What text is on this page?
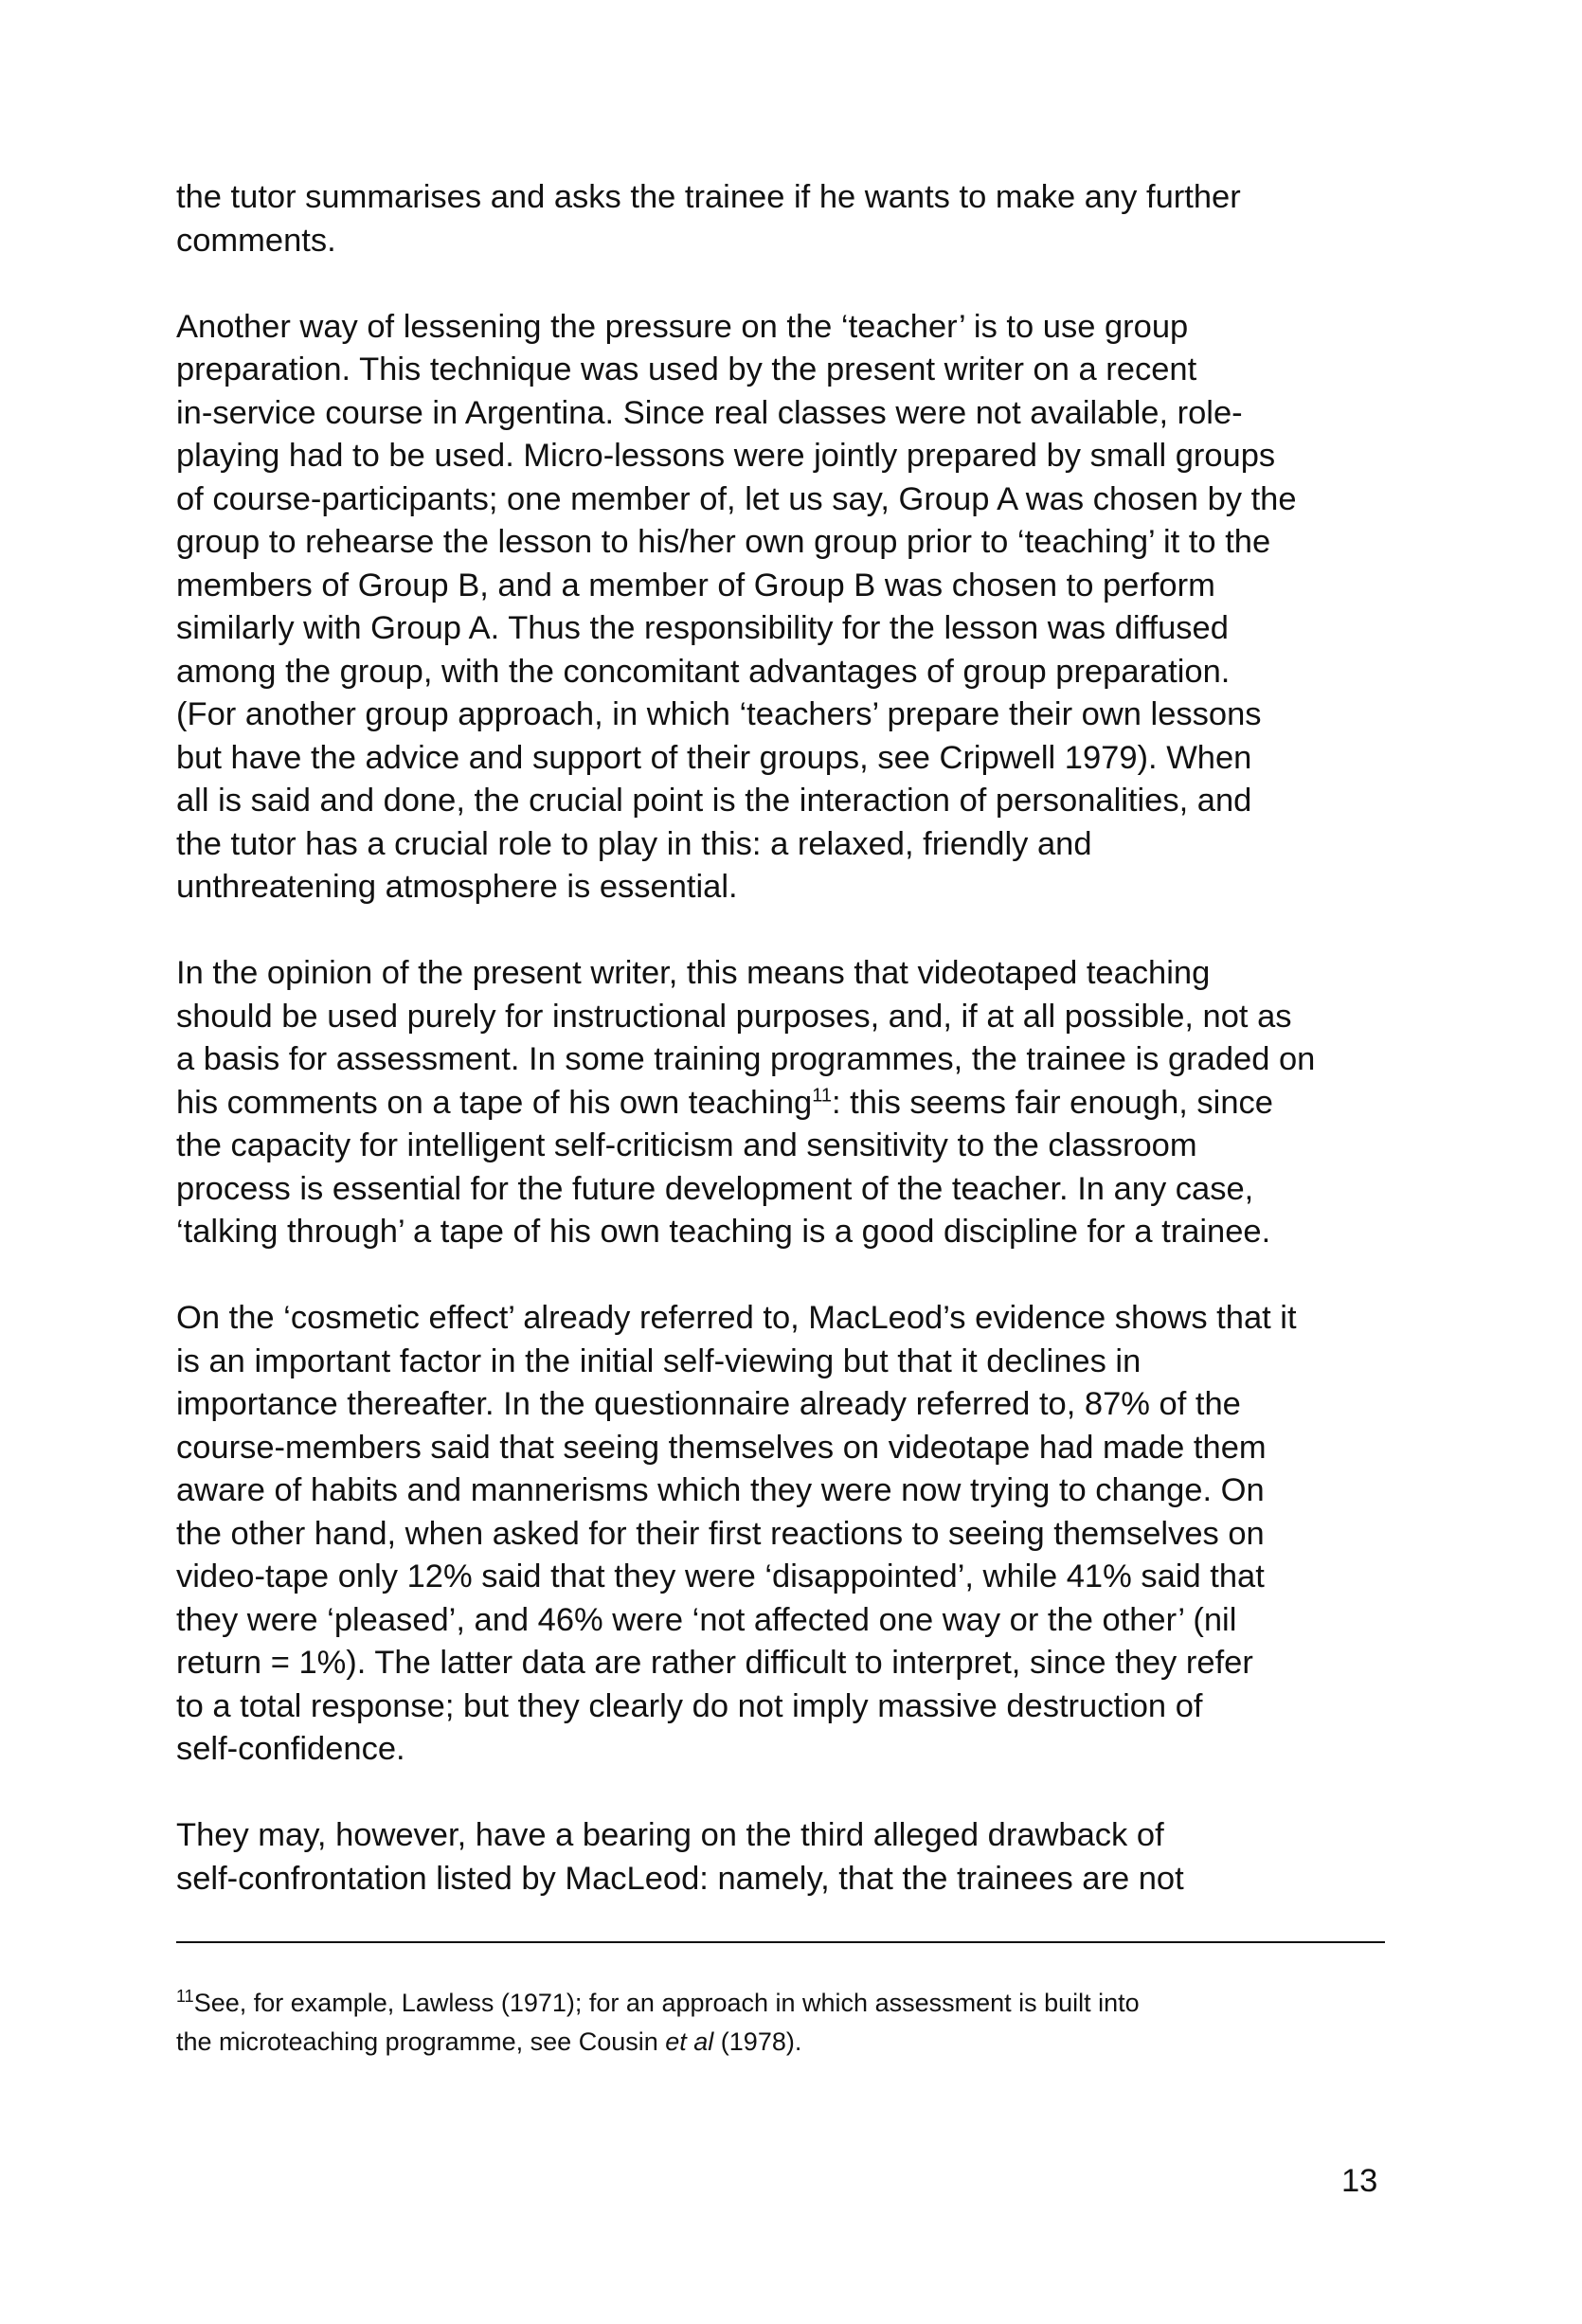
the tutor summarises and asks the trainee if he wants to make any further
comments.

Another way of lessening the pressure on the ‘teacher’ is to use group
preparation. This technique was used by the present writer on a recent
in-service course in Argentina. Since real classes were not available, role-
playing had to be used. Micro-lessons were jointly prepared by small groups
of course-participants; one member of, let us say, Group A was chosen by the
group to rehearse the lesson to his/her own group prior to ‘teaching’ it to the
members of Group B, and a member of Group B was chosen to perform
similarly with Group A. Thus the responsibility for the lesson was diffused
among the group, with the concomitant advantages of group preparation.
(For another group approach, in which ‘teachers’ prepare their own lessons
but have the advice and support of their groups, see Cripwell 1979). When
all is said and done, the crucial point is the interaction of personalities, and
the tutor has a crucial role to play in this: a relaxed, friendly and
unthreatening atmosphere is essential.

In the opinion of the present writer, this means that videotaped teaching
should be used purely for instructional purposes, and, if at all possible, not as
a basis for assessment. In some training programmes, the trainee is graded on
his comments on a tape of his own teaching$^{11}$: this seems fair enough, since
the capacity for intelligent self-criticism and sensitivity to the classroom
process is essential for the future development of the teacher. In any case,
‘talking through’ a tape of his own teaching is a good discipline for a trainee.

On the ‘cosmetic effect’ already referred to, MacLeod’s evidence shows that it
is an important factor in the initial self-viewing but that it declines in
importance thereafter. In the questionnaire already referred to, 87% of the
course-members said that seeing themselves on videotape had made them
aware of habits and mannerisms which they were now trying to change. On
the other hand, when asked for their first reactions to seeing themselves on
video-tape only 12% said that they were ‘disappointed’, while 41% said that
they were ‘pleased’, and 46% were ‘not affected one way or the other’ (nil
return = 1%). The latter data are rather difficult to interpret, since they refer
to a total response; but they clearly do not imply massive destruction of
self-confidence.

They may, however, have a bearing on the third alleged drawback of
self-confrontation listed by MacLeod: namely, that the trainees are not

$^{11}$See, for example, Lawless (1971); for an approach in which assessment is built into
the microteaching programme, see Cousin et al (1978).
13
